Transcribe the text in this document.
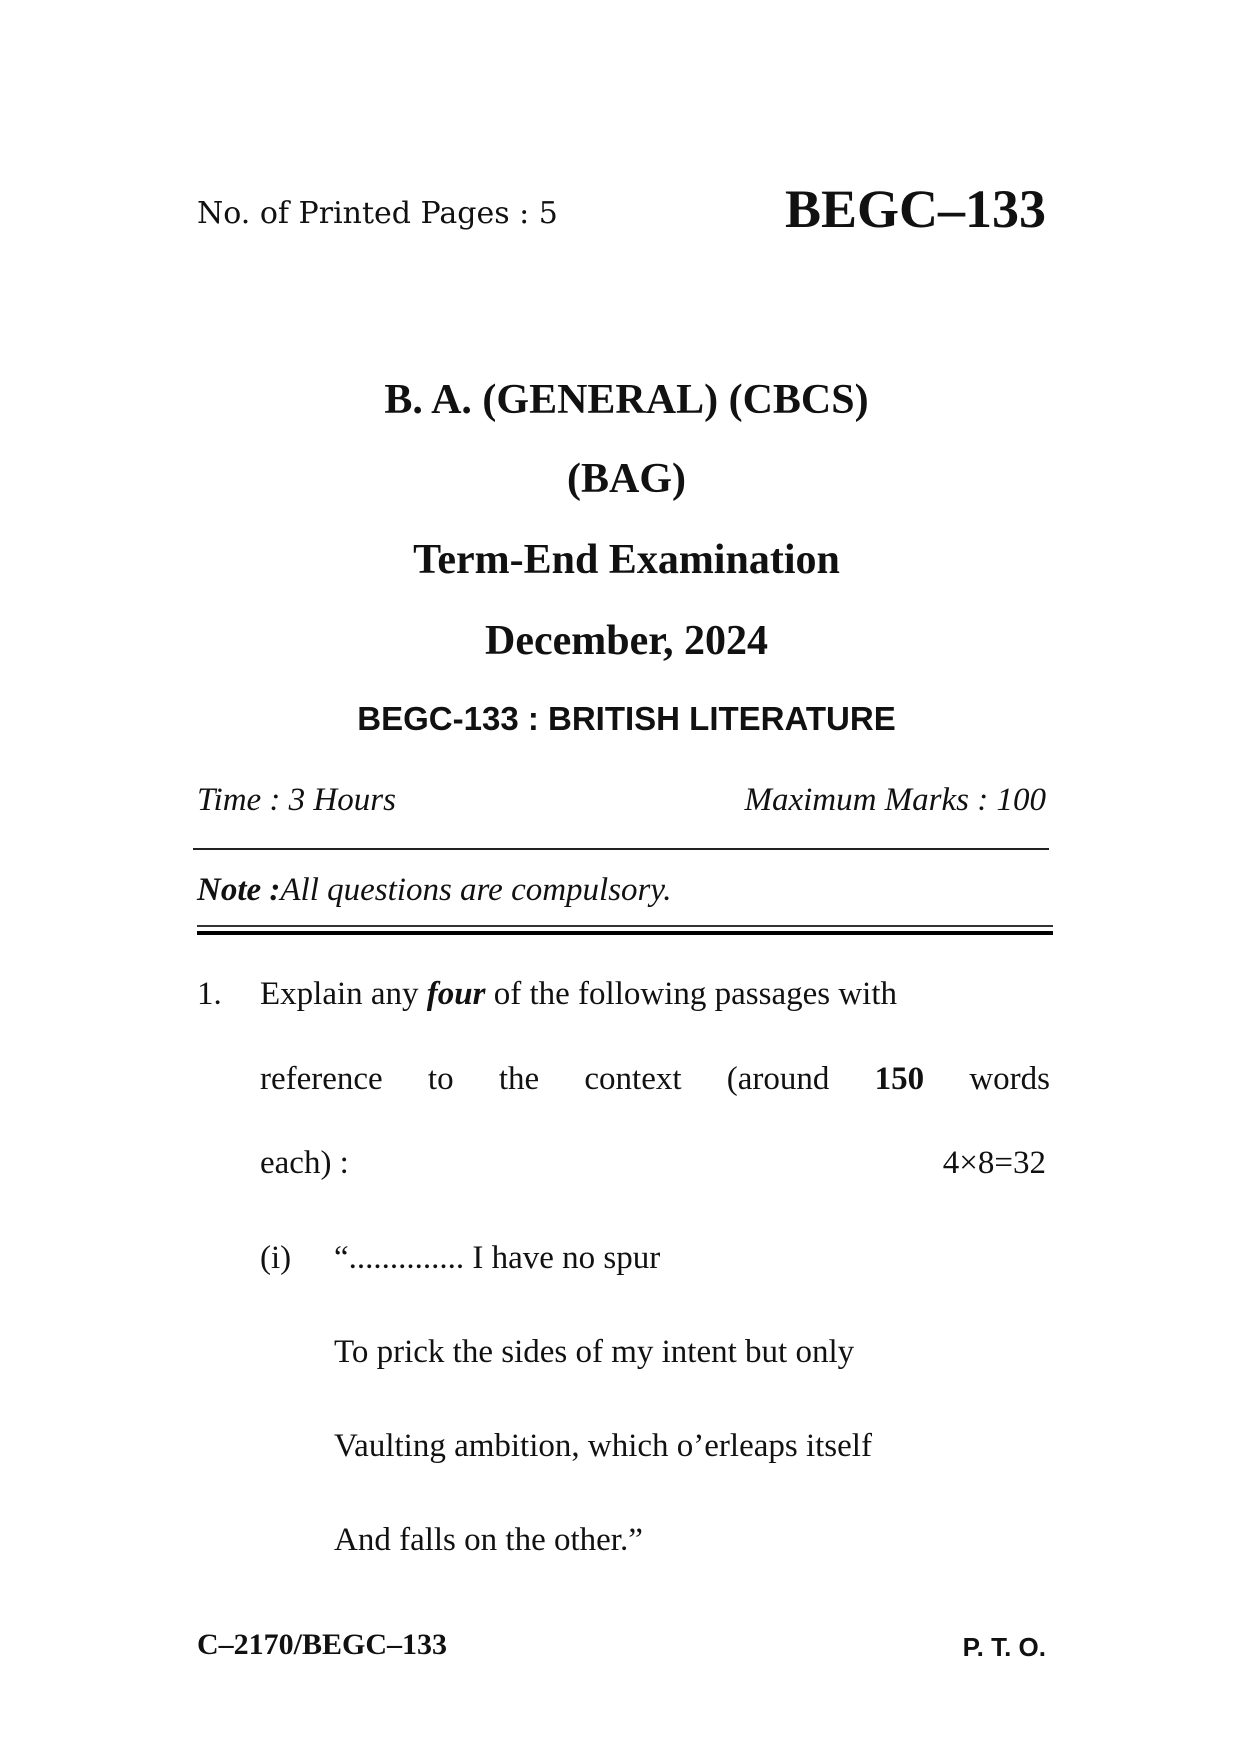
No. of Printed Pages : 5	BEGC–133
B. A. (GENERAL) (CBCS)
(BAG)
Term-End Examination
December, 2024
BEGC-133 : BRITISH LITERATURE
Time : 3 Hours	Maximum Marks : 100
Note :All questions are compulsory.
1. Explain any four of the following passages with
reference to the context (around 150 words
each) :	4×8=32
(i) “.............. I have no spur
To prick the sides of my intent but only
Vaulting ambition, which o’erleaps itself
And falls on the other.”
C–2170/BEGC–133	P. T. O.
